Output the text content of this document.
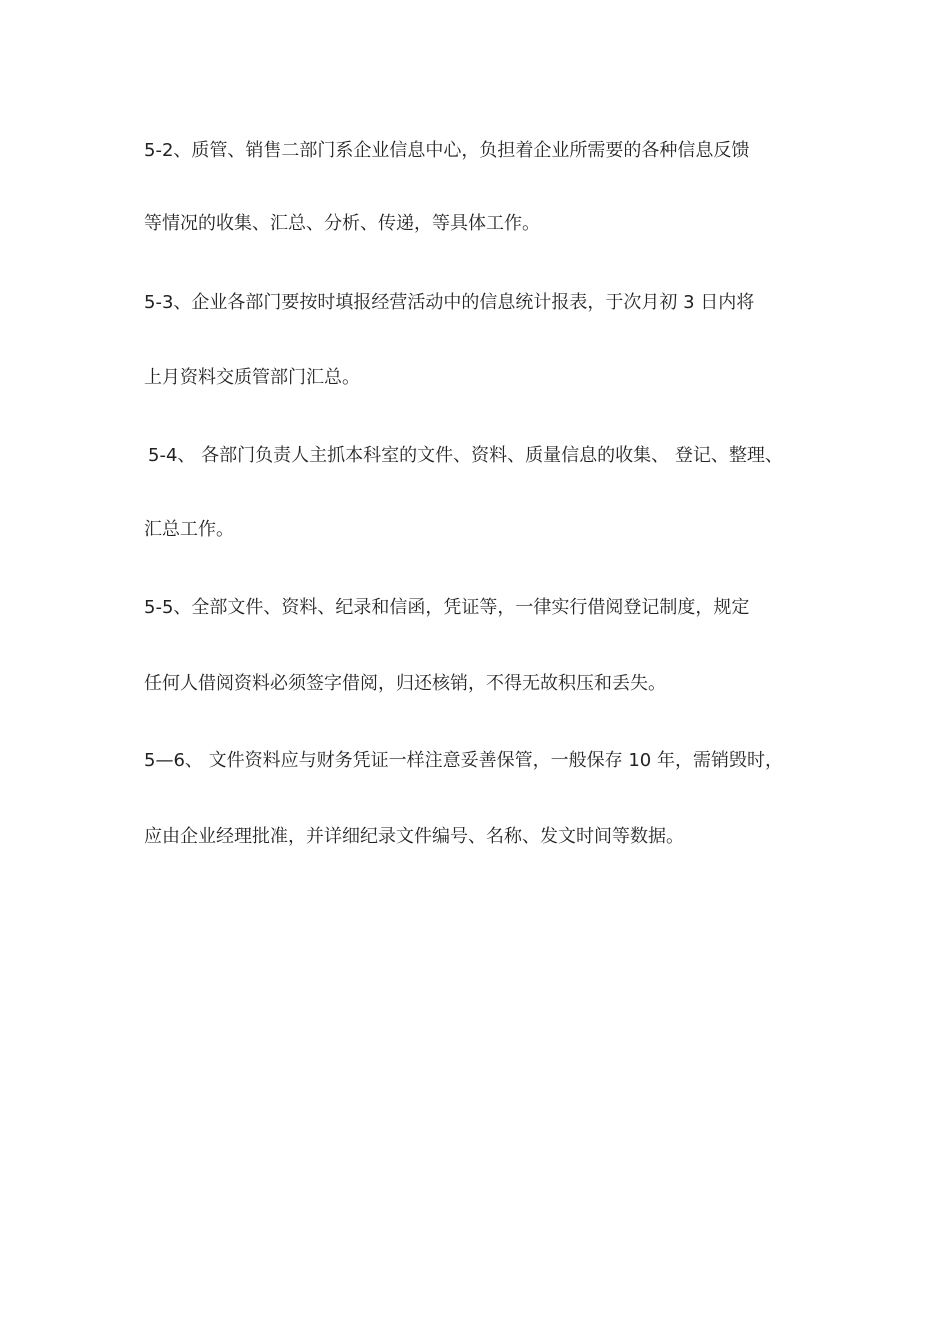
5-2、质管、销售二部门系企业信息中心，负担着企业所需要的各种信息反馈
等情况的收集、汇总、分析、传递，等具体工作。
5-3、企业各部门要按时填报经营活动中的信息统计报表，于次月初 3 日内将
上月资料交质管部门汇总。
5-4、 各部门负责人主抓本科室的文件、资料、质量信息的收集、 登记、整理、
汇总工作。
5-5、全部文件、资料、纪录和信函，凭证等，一律实行借阅登记制度，规定
任何人借阅资料必须签字借阅，归还核销，不得无故积压和丢失。
5—6、 文件资料应与财务凭证一样注意妥善保管，一般保存 10 年，需销毁时，
应由企业经理批准，并详细纪录文件编号、名称、发文时间等数据。
